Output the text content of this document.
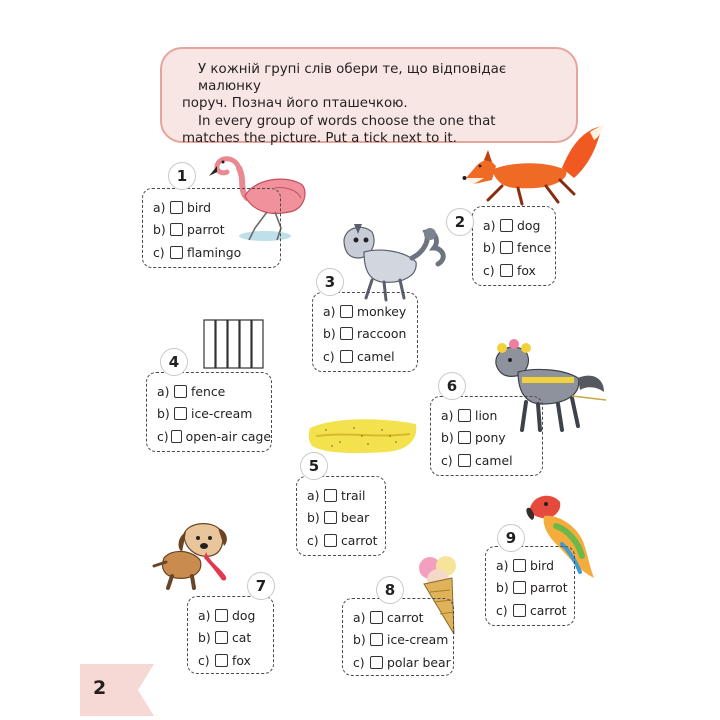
У кожній групі слів обери те, що відповідає малюнку

поруч. Познач його пташечкою.

In every group of words choose the one that

matches the picture. Put a tick next to it.

a)	bird
b)	parrot
c)	flamingo
1
a)	dog
b)	fence
c)	fox
2
a)	monkey
b)	raccoon
c)	camel
3
a)	fence
b)	ice-cream
c) open-air cage
4
a)	trail
b)	bear
c)	carrot
5
a)	lion
b)	pony
c)	camel
6
a)	dog
b)	cat
c)	fox
7
a)	carrot
b)	ice-cream
c)	polar bear
8
a)	bird
b)	parrot
c)	carrot
9
2
